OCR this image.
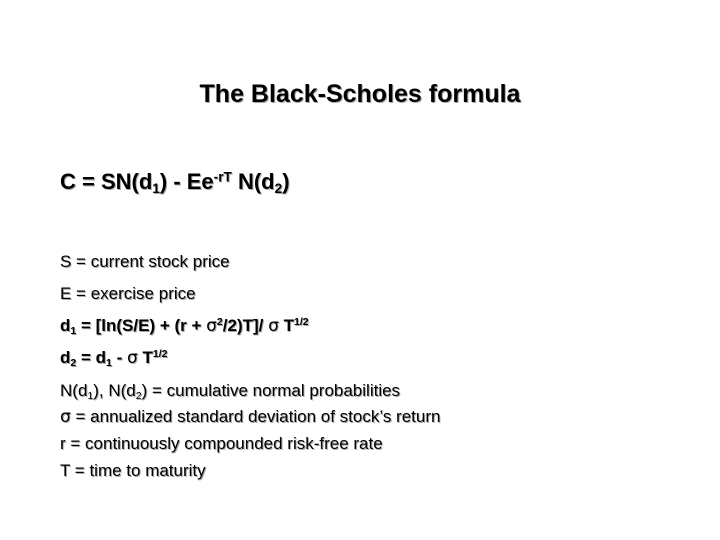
The Black-Scholes formula
$C = SN(d_1) - Ee^{-rT}$ $N(d_2)$
S = current stock price
E = exercise price
$d_1 = [\ln(S/E) + (r + \sigma^2/2)T]/$ σ $T^{1/2}$
$d_2 = d_1 - \sigma$ $T^{1/2}$
$N(d_1)$, $N(d_2)$ = cumulative normal probabilities
σ = annualized standard deviation of stock’s return
r = continuously compounded risk-free rate
T = time to maturity
